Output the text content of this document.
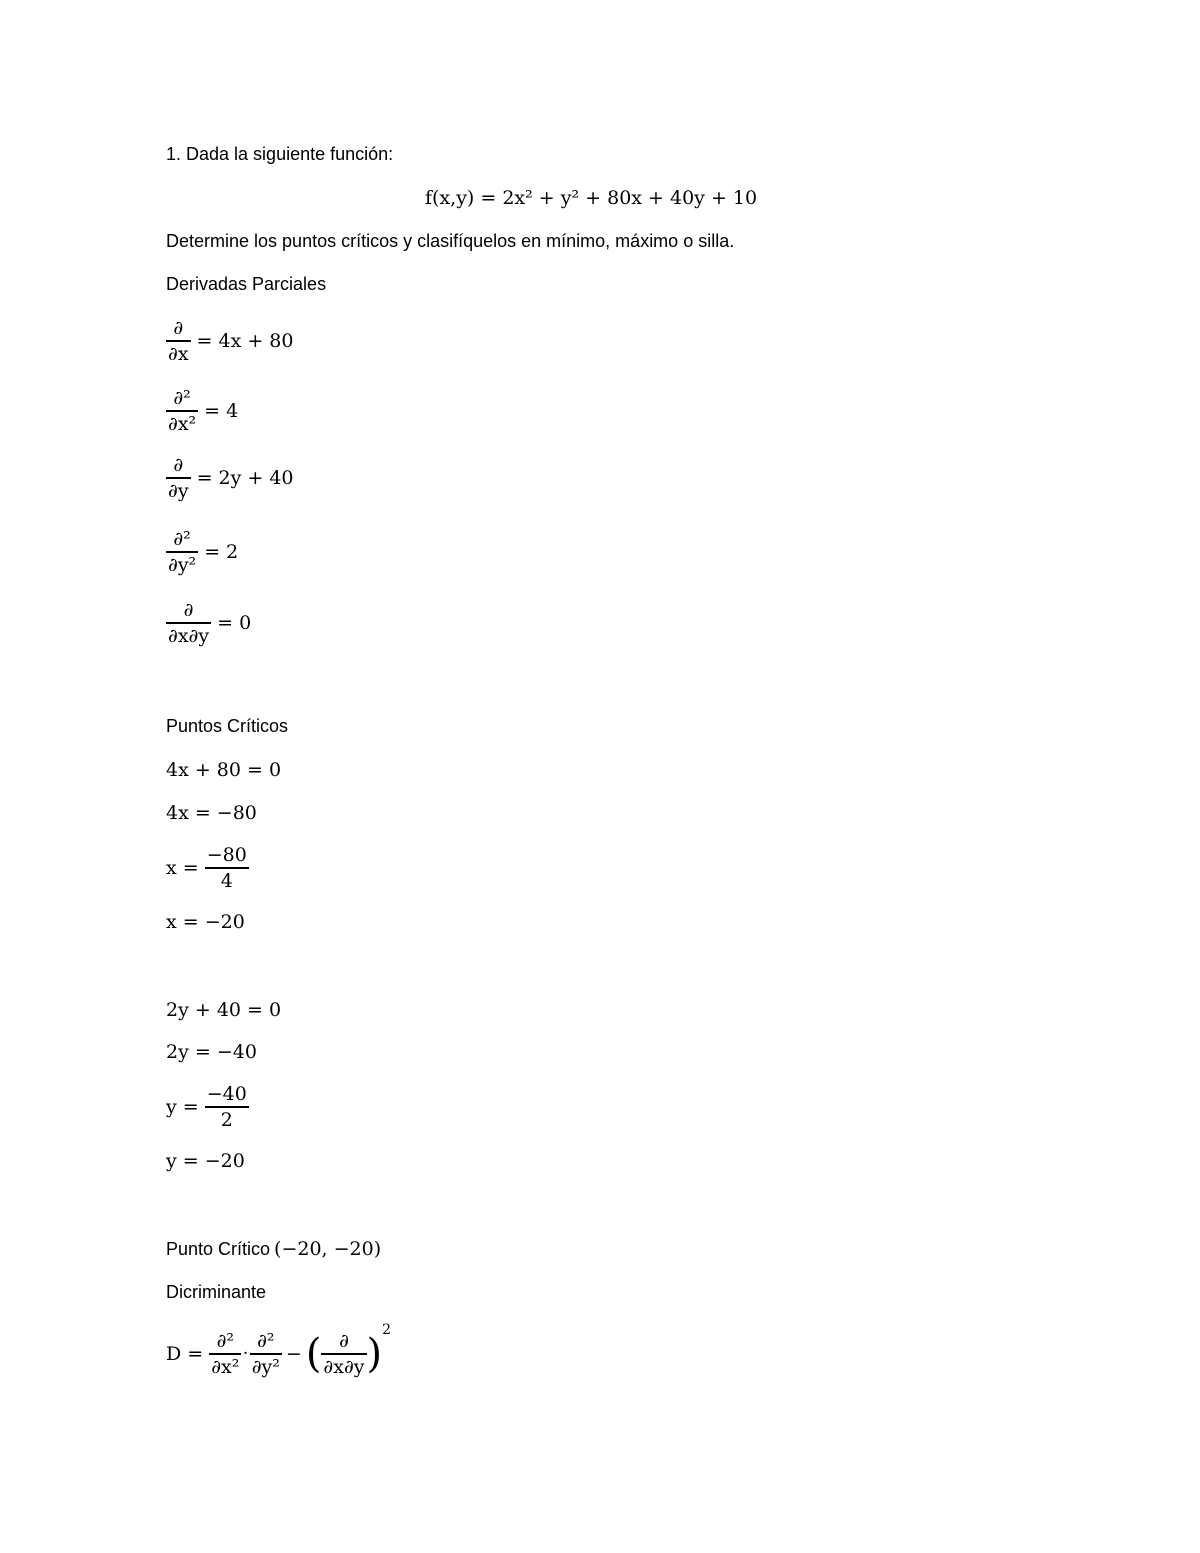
1. Dada la siguiente función:
f(x,y) = 2x² + y² + 80x + 40y + 10
Determine los puntos críticos y clasifíquelos en mínimo, máximo o silla.
Derivadas Parciales
$\frac{\partial}{\partial x} = 4x + 80$
$\frac{\text{∂²}}{\text{∂x²}} = 4$
$\frac{\partial}{\partial y} = 2y + 40$
$\frac{\text{∂²}}{\text{∂y²}} = 2$
$\frac{\partial}{\partial x\partial y} = 0$
Puntos Críticos
4x + 80 = 0
4x = −80
$x = \frac{-80}{4}$
x = −20
2y + 40 = 0
2y = −40
$y = \frac{-40}{2}$
y = −20
Punto Crítico (−20, −20)
Dicriminante
$D = \frac{\text{∂²}}{\text{∂x²}} \cdot \frac{\text{∂²}}{\text{∂y²}}$ − ( $\frac{\partial}{\partial x\partial y} )2$
